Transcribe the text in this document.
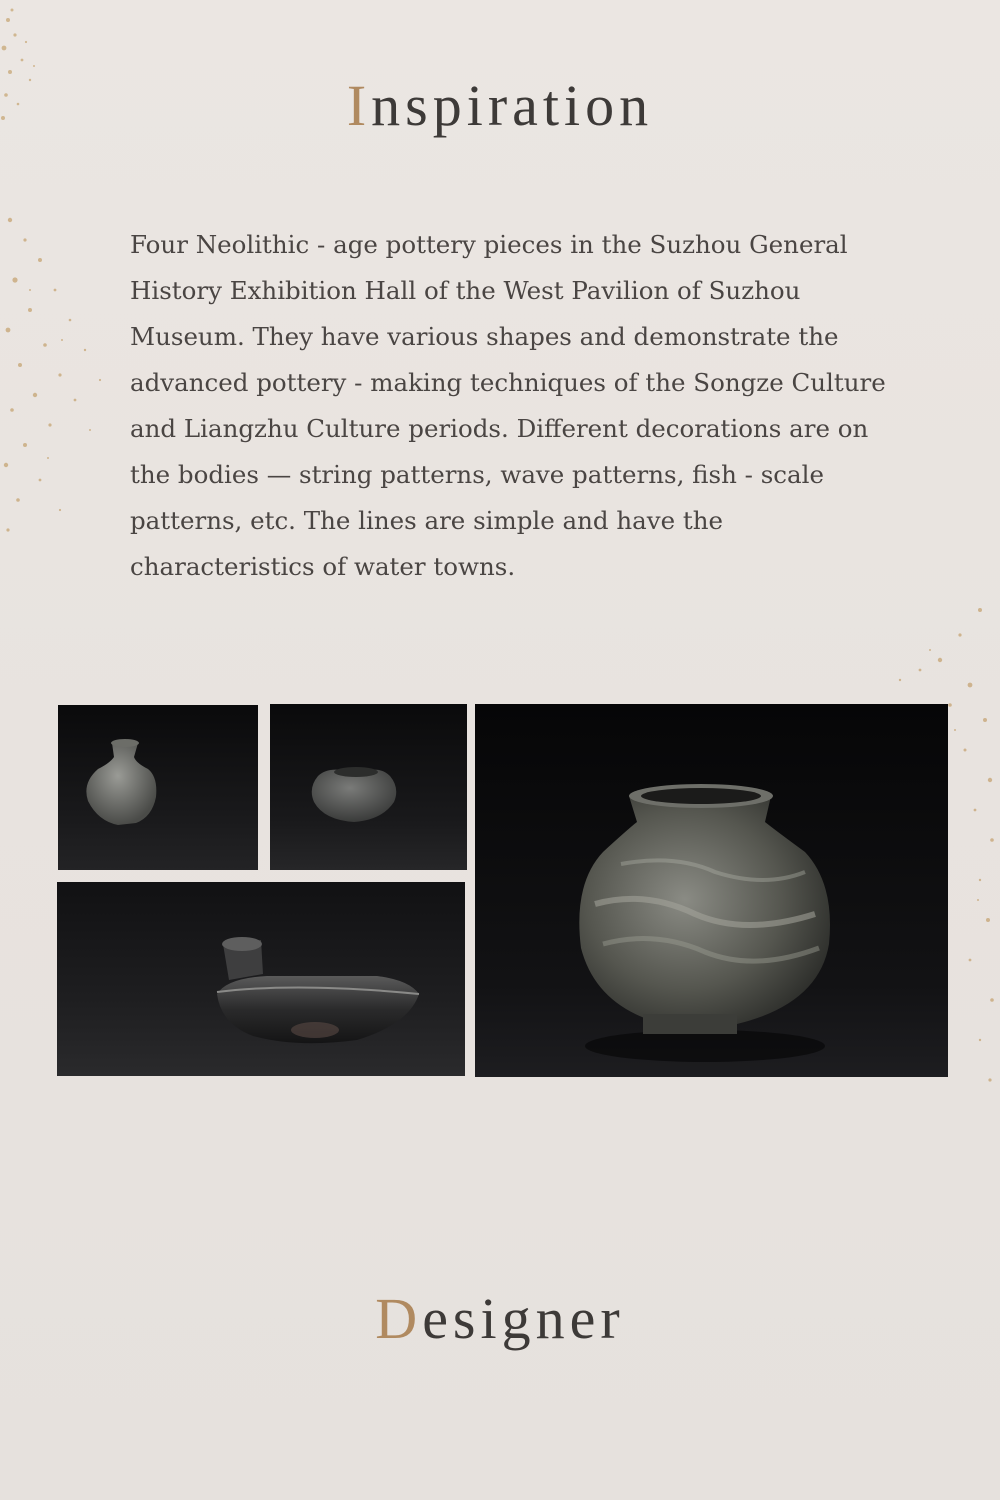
Inspiration

Four Neolithic - age pottery pieces in the Suzhou General History Exhibition Hall of the West Pavilion of Suzhou Museum. They have various shapes and demonstrate the advanced pottery - making techniques of the Songze Culture and Liangzhu Culture periods. Different decorations are on the bodies — string patterns, wave patterns, fish - scale patterns, etc. The lines are simple and have the characteristics of water towns.

Designer
